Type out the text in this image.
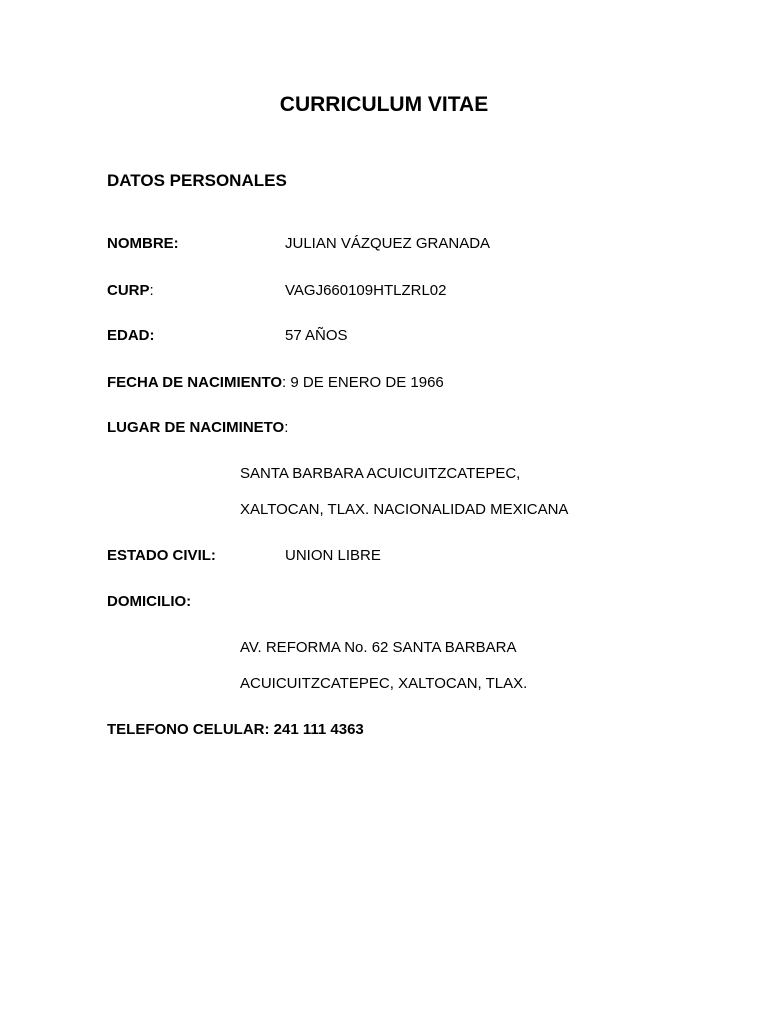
CURRICULUM VITAE
DATOS PERSONALES
NOMBRE:	JULIAN VÁZQUEZ GRANADA
CURP:	VAGJ660109HTLZRL02
EDAD:	57 AÑOS
FECHA DE NACIMIENTO: 9 DE ENERO DE 1966
LUGAR DE NACIMINETO:
SANTA BARBARA ACUICUITZCATEPEC,
XALTOCAN, TLAX. NACIONALIDAD MEXICANA
ESTADO CIVIL:	UNION LIBRE
DOMICILIO:
AV. REFORMA No. 62 SANTA BARBARA
ACUICUITZCATEPEC, XALTOCAN, TLAX.
TELEFONO CELULAR: 241 111 4363
